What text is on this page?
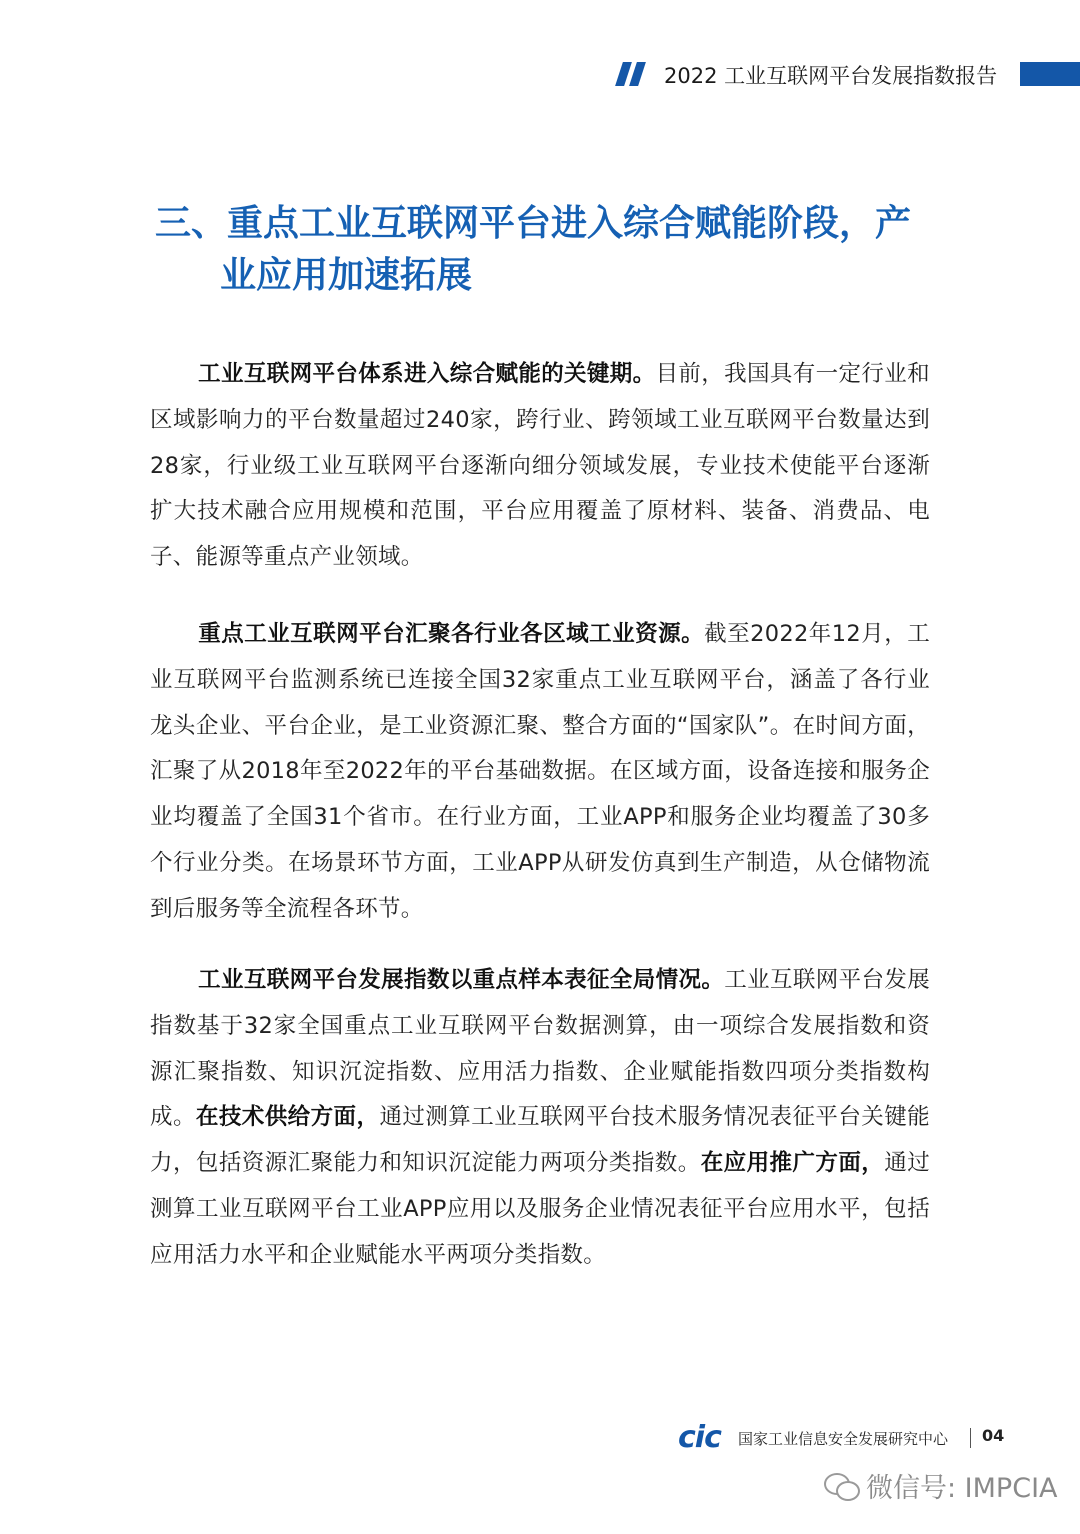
2022 工业互联网平台发展指数报告
三、重点工业互联网平台进入综合赋能阶段，产
业应用加速拓展
工业互联网平台体系进入综合赋能的关键期。目前，我国具有一定行业和区域影响力的平台数量超过240家，跨行业、跨领域工业互联网平台数量达到28家，行业级工业互联网平台逐渐向细分领域发展，专业技术使能平台逐渐扩大技术融合应用规模和范围，平台应用覆盖了原材料、装备、消费品、电子、能源等重点产业领域。
重点工业互联网平台汇聚各行业各区域工业资源。截至2022年12月，工业互联网平台监测系统已连接全国32家重点工业互联网平台，涵盖了各行业龙头企业、平台企业，是工业资源汇聚、整合方面的“国家队”。在时间方面，汇聚了从2018年至2022年的平台基础数据。在区域方面，设备连接和服务企业均覆盖了全国31个省市。在行业方面，工业APP和服务企业均覆盖了30多个行业分类。在场景环节方面，工业APP从研发仿真到生产制造，从仓储物流到后服务等全流程各环节。
工业互联网平台发展指数以重点样本表征全局情况。工业互联网平台发展指数基于32家全国重点工业互联网平台数据测算，由一项综合发展指数和资源汇聚指数、知识沉淀指数、应用活力指数、企业赋能指数四项分类指数构成。在技术供给方面，通过测算工业互联网平台技术服务情况表征平台关键能力，包括资源汇聚能力和知识沉淀能力两项分类指数。在应用推广方面，通过测算工业互联网平台工业APP应用以及服务企业情况表征平台应用水平，包括应用活力水平和企业赋能水平两项分类指数。
cic 国家工业信息安全发展研究中心 04
微信号: IMPCIA
